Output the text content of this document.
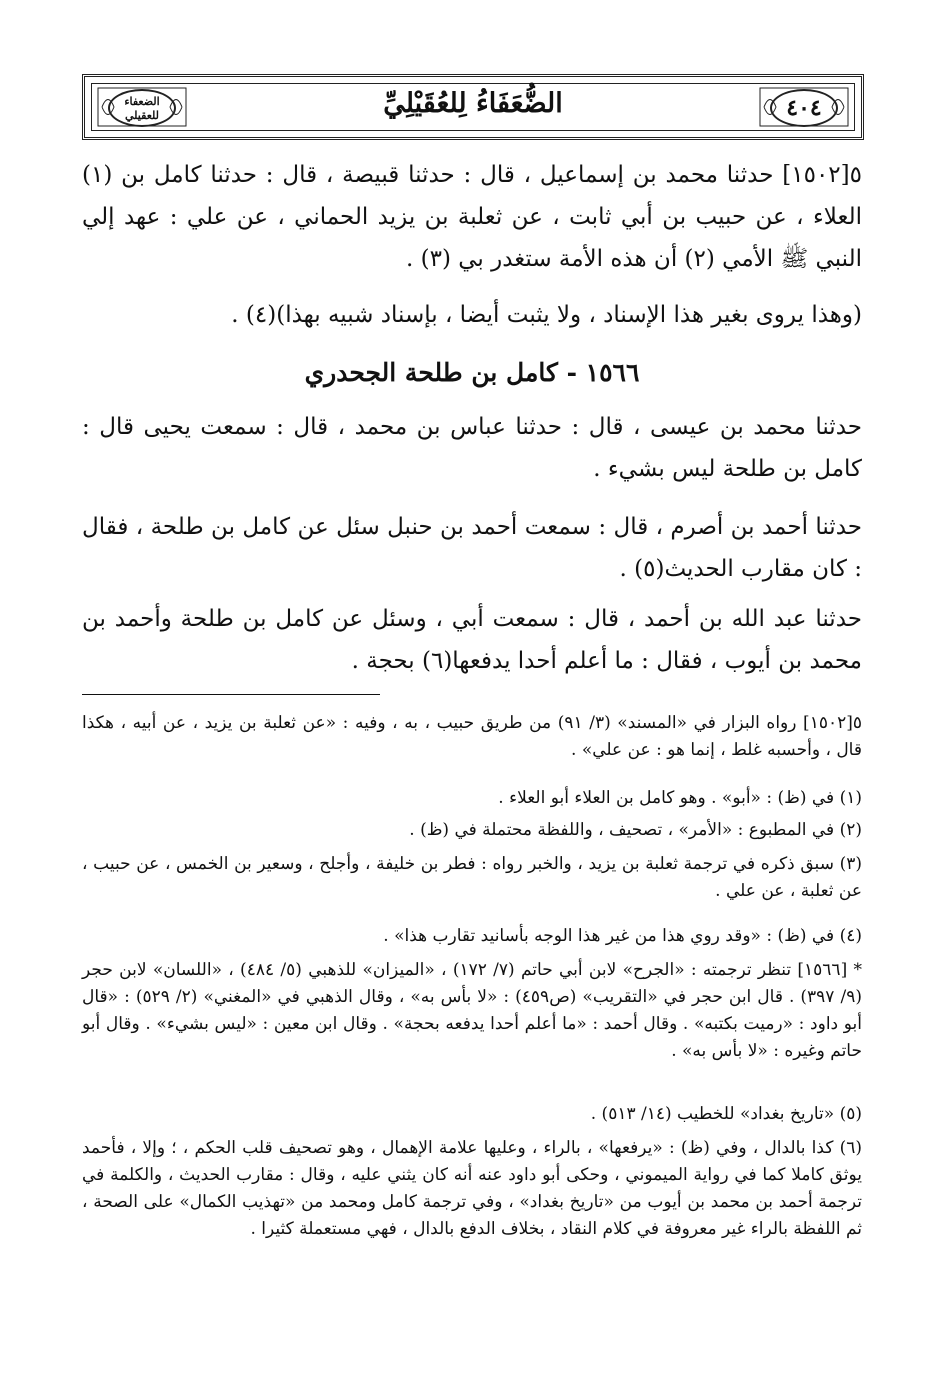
٤٠٤
الضُّعَفَاءُ لِلعُقَيْلِيِّ
الضعفاء للعقيلي
٥[١٥٠٢] حدثنا محمد بن إسماعيل ، قال : حدثنا قبيصة ، قال : حدثنا كامل بن (١) العلاء ، عن حبيب بن أبي ثابت ، عن ثعلبة بن يزيد الحماني ، عن علي : عهد إلي النبي ﷺ الأمي (٢) أن هذه الأمة ستغدر بي (٣) .
(وهذا يروى بغير هذا الإسناد ، ولا يثبت أيضا ، بإسناد شبيه بهذا)(٤) .
١٥٦٦ - كامل بن طلحة الجحدري
حدثنا محمد بن عيسى ، قال : حدثنا عباس بن محمد ، قال : سمعت يحيى قال : كامل بن طلحة ليس بشيء .
حدثنا أحمد بن أصرم ، قال : سمعت أحمد بن حنبل سئل عن كامل بن طلحة ، فقال : كان مقارب الحديث(٥) .
حدثنا عبد الله بن أحمد ، قال : سمعت أبي ، وسئل عن كامل بن طلحة وأحمد بن محمد بن أيوب ، فقال : ما أعلم أحدا يدفعها(٦) بحجة .
٥[١٥٠٢] رواه البزار في «المسند» (٣/ ٩١) من طريق حبيب ، به ، وفيه : «عن ثعلبة بن يزيد ، عن أبيه ، هكذا قال ، وأحسبه غلط ، إنما هو : عن علي» .
(١) في (ظ) : «أبو» . وهو كامل بن العلاء أبو العلاء .
(٢) في المطبوع : «الأمر» ، تصحيف ، واللفظة محتملة في (ظ) .
(٣) سبق ذكره في ترجمة ثعلبة بن يزيد ، والخبر رواه : فطر بن خليفة ، وأجلح ، وسعير بن الخمس ، عن حبيب ، عن ثعلبة ، عن علي .
(٤) في (ظ) : «وقد روي هذا من غير هذا الوجه بأسانيد تقارب هذا» .
* [١٥٦٦] تنظر ترجمته : «الجرح» لابن أبي حاتم (٧/ ١٧٢) ، «الميزان» للذهبي (٥/ ٤٨٤) ، «اللسان» لابن حجر (٩/ ٣٩٧) . قال ابن حجر في «التقريب» (ص٤٥٩) : «لا بأس به» ، وقال الذهبي في «المغني» (٢/ ٥٢٩) : «قال أبو داود : «رميت بكتبه» . وقال أحمد : «ما أعلم أحدا يدفعه بحجة» . وقال ابن معين : «ليس بشيء» . وقال أبو حاتم وغيره : «لا بأس به» .
(٥) «تاريخ بغداد» للخطيب (١٤/ ٥١٣) .
(٦) كذا بالدال ، وفي (ظ) : «يرفعها» ، بالراء ، وعليها علامة الإهمال ، وهو تصحيف قلب الحكم ، ؛ وإلا ، فأحمد يوثق كاملا كما في رواية الميموني ، وحكى أبو داود عنه أنه كان يثني عليه ، وقال : مقارب الحديث ، والكلمة في ترجمة أحمد بن محمد بن أيوب من «تاريخ بغداد» ، وفي ترجمة كامل ومحمد من «تهذيب الكمال» على الصحة ، ثم اللفظة بالراء غير معروفة في كلام النقاد ، بخلاف الدفع بالدال ، فهي مستعملة كثيرا .
